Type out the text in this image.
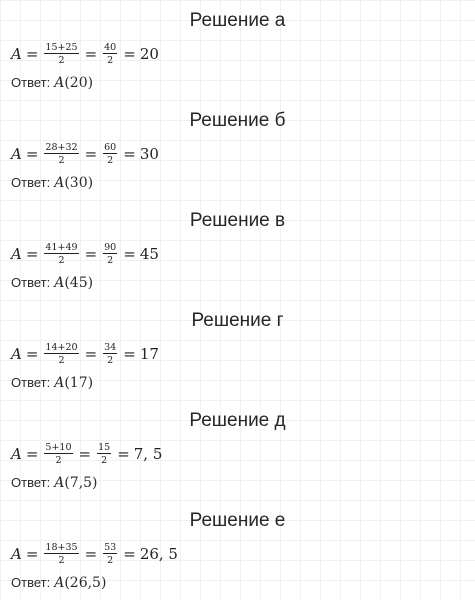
Решение а
$A = \frac{15+25}{2} = \frac{40}{2} = 20$
Ответ: A(20)
Решение б
$A = \frac{28+32}{2} = \frac{60}{2} = 30$
Ответ: A(30)
Решение в
$A = \frac{41+49}{2} = \frac{90}{2} = 45$
Ответ: A(45)
Решение г
$A = \frac{14+20}{2} = \frac{34}{2} = 17$
Ответ: A(17)
Решение д
$A = \frac{5+10}{2} = \frac{15}{2} = 7$, 5
Ответ: A(7,5)
Решение е
$A = \frac{18+35}{2} = \frac{53}{2} = 26$, 5
Ответ: A(26,5)
